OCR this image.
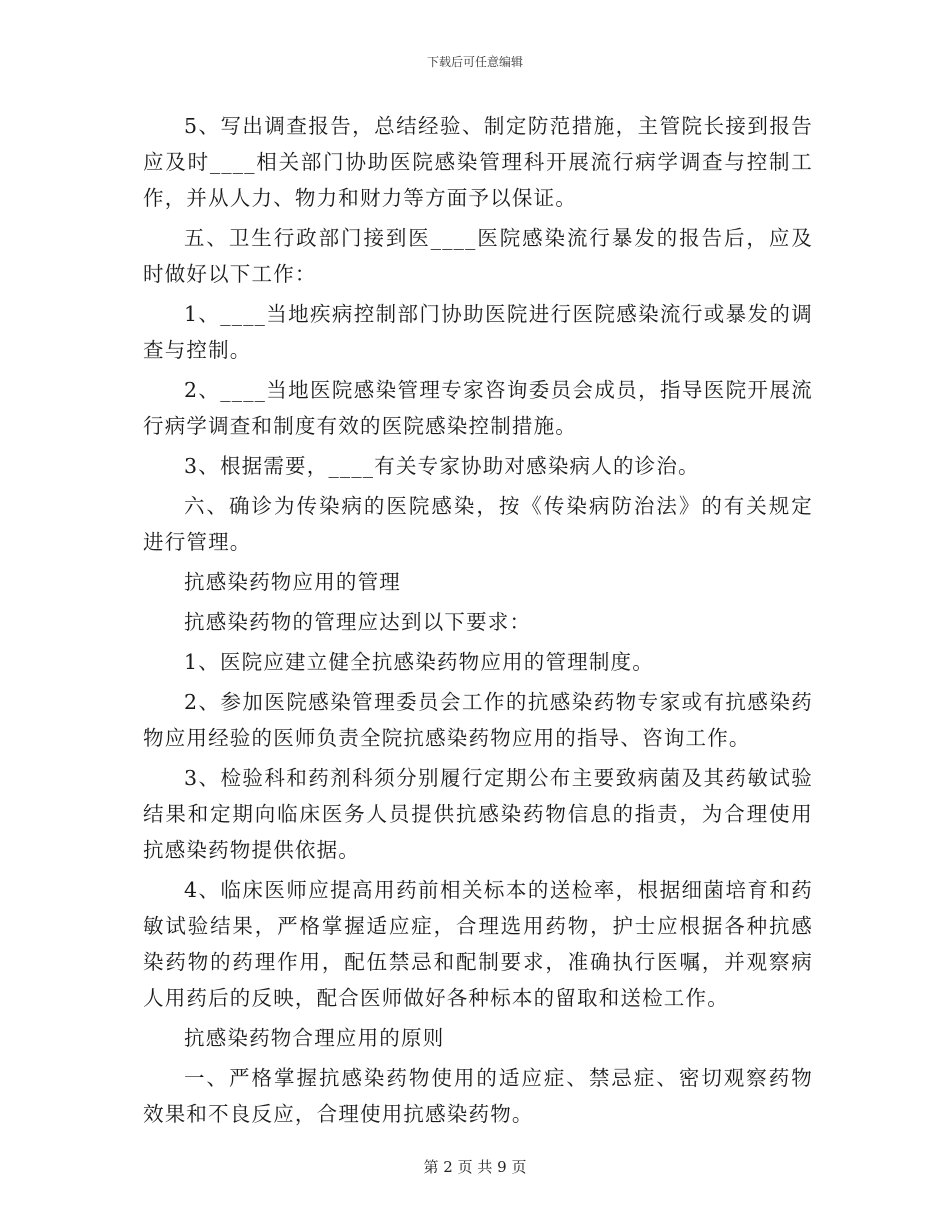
下载后可任意编辑

5、写出调查报告，总结经验、制定防范措施，主管院长接到报告应及时____相关部门协助医院感染管理科开展流行病学调查与控制工作，并从人力、物力和财力等方面予以保证。

五、卫生行政部门接到医____医院感染流行暴发的报告后，应及时做好以下工作：

1、____当地疾病控制部门协助医院进行医院感染流行或暴发的调查与控制。

2、____当地医院感染管理专家咨询委员会成员，指导医院开展流行病学调查和制度有效的医院感染控制措施。

3、根据需要，____有关专家协助对感染病人的诊治。

六、确诊为传染病的医院感染，按《传染病防治法》的有关规定进行管理。

抗感染药物应用的管理

抗感染药物的管理应达到以下要求：

1、医院应建立健全抗感染药物应用的管理制度。

2、参加医院感染管理委员会工作的抗感染药物专家或有抗感染药物应用经验的医师负责全院抗感染药物应用的指导、咨询工作。

3、检验科和药剂科须分别履行定期公布主要致病菌及其药敏试验结果和定期向临床医务人员提供抗感染药物信息的指责，为合理使用抗感染药物提供依据。

4、临床医师应提高用药前相关标本的送检率，根据细菌培育和药敏试验结果，严格掌握适应症，合理选用药物，护士应根据各种抗感染药物的药理作用，配伍禁忌和配制要求，准确执行医嘱，并观察病人用药后的反映，配合医师做好各种标本的留取和送检工作。

抗感染药物合理应用的原则

一、严格掌握抗感染药物使用的适应症、禁忌症、密切观察药物效果和不良反应，合理使用抗感染药物。

第 2 页 共 9 页
